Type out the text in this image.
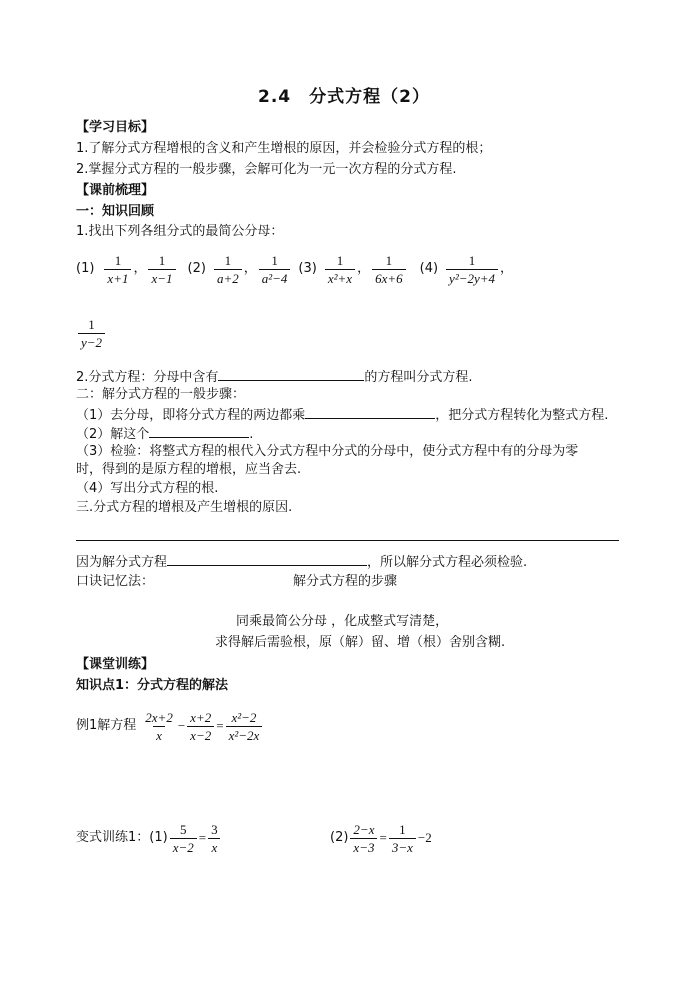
2.4　分式方程（2）
【学习目标】
1.了解分式方程增根的含义和产生增根的原因，并会检验分式方程的根；
2.掌握分式方程的一般步骤，会解可化为一元一次方程的分式方程.
【课前梳理】
一：知识回顾
1.找出下列各组分式的最简公分母：
$(1) \frac{1}{x+1}$ ， $\frac{1}{x-1} (2) \frac{1}{a+2}$ ， $\frac{1}{\text{a²−4}} (3) \frac{1}{\text{x²+x}}$ ， $\frac{1}{6x+6} (4) \frac{1}{\text{y²−2y+4}}$ ，
$\frac{1}{y-2}$
2.分式方程：分母中含有	的方程叫分式方程.
二：解分式方程的一般步骤：
（1）去分母，即将分式方程的两边都乘	，把分式方程转化为整式方程.
（2）解这个	.
（3）检验：将整式方程的根代入分式方程中分式的分母中，使分式方程中有的分母为零
时，得到的是原方程的增根，应当舍去.
（4）写出分式方程的根.
三.分式方程的增根及产生增根的原因.
因为解分式方程	，所以解分式方程必须检验.
口诀记忆法：	解分式方程的步骤
同乘最简公分母 ，化成整式写清楚，
求得解后需验根，原（解）留、增（根）舍别含糊.
【课堂训练】
知识点1：分式方程的解法
例1解方程 $\frac{2x+2}{x} - \frac{x+2}{x-2} = \frac{\text{x²−2}}{\text{x²−2x}}$
变式训练1： $(1) \frac{5}{x-2} = \frac{3}{x}$	$(2) \frac{2-x}{x-3} = \frac{1}{3-x} -2$
